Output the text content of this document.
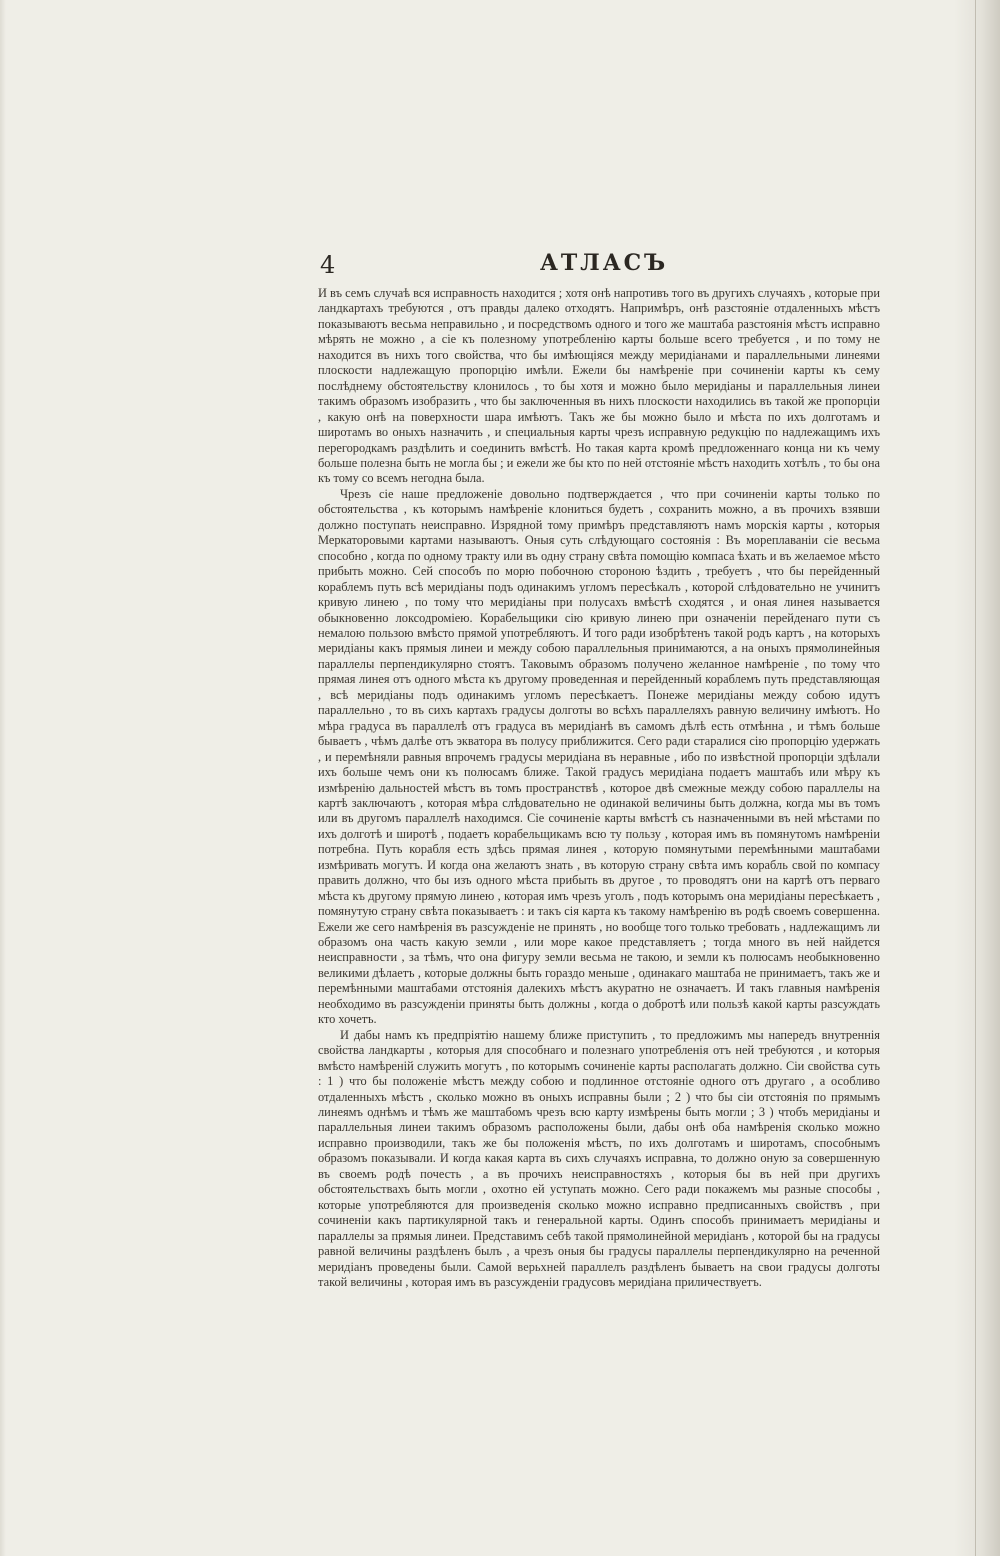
4	АТЛАСЪ

И въ семъ случаѣ вся исправность находится ; хотя онѣ напротивъ того въ другихъ случаяхъ , которые при ландкартахъ требуются , отъ правды далеко отходятъ. Напримѣръ, онѣ разстояніе отдаленныхъ мѣстъ показываютъ весьма неправильно , и посредствомъ одного и того же маштаба разстоянія мѣстъ исправно мѣрять не можно , а сіе къ полезному употребленію карты больше всего требуется , и по тому не находится въ нихъ того свойства, что бы имѣющіяся между меридіанами и параллельными линеями плоскости надлежащую пропорцію имѣли. Ежели бы намѣреніе при сочиненіи карты къ сему послѣднему обстоятельству клонилось , то бы хотя и можно было меридіаны и параллельныя линеи такимъ образомъ изобразить , что бы заключенныя въ нихъ плоскости находились въ такой же пропорціи , какую онѣ на поверхности шара имѣютъ. Такъ же бы можно было и мѣста по ихъ долготамъ и широтамъ во оныхъ назначить , и специальныя карты чрезъ исправную редукцію по надлежащимъ ихъ перегородкамъ раздѣлить и соединить вмѣстѣ. Но такая карта кромѣ предложеннаго конца ни къ чему больше полезна быть не могла бы ; и ежели же бы кто по ней отстояніе мѣстъ находить хотѣлъ , то бы она къ тому со всемъ негодна была.

Чрезъ сіе наше предложеніе довольно подтверждается , что при сочиненіи карты только по обстоятельства , къ которымъ намѣреніе клониться будетъ , сохранить можно, а въ прочихъ взявши должно поступать неисправно. Изрядной тому примѣръ представляютъ намъ морскія карты , которыя Меркаторовыми картами называютъ. Оныя суть слѣдующаго состоянія : Въ мореплаваніи сіе весьма способно , когда по одному тракту или въ одну страну свѣта помощію компаса ѣхать и въ желаемое мѣсто прибыть можно. Сей способъ по морю побочною стороною ѣздить , требуетъ , что бы перейденный кораблемъ путь всѣ меридіаны подъ одинакимъ угломъ пересѣкалъ , которой слѣдовательно не учинитъ кривую линею , по тому что меридіаны при полусахъ вмѣстѣ сходятся , и оная линея называется обыкновенно локсодроміею. Корабельщики сію кривую линею при означеніи перейденаго пути съ немалою пользою вмѣсто прямой употребляютъ. И того ради изобрѣтенъ такой родъ картъ , на которыхъ меридіаны какъ прямыя линеи и между собою параллельныя принимаются, а на оныхъ прямолинейныя параллелы перпендикулярно стоятъ. Таковымъ образомъ получено желанное намѣреніе , по тому что прямая линея отъ одного мѣста къ другому проведенная и перейденный кораблемъ путь представляющая , всѣ меридіаны подъ одинакимъ угломъ пересѣкаетъ. Понеже меридіаны между собою идутъ параллельно , то въ сихъ картахъ градусы долготы во всѣхъ параллеляхъ равную величину имѣютъ. Но мѣра градуса въ параллелѣ отъ градуса въ меридіанѣ въ самомъ дѣлѣ есть отмѣнна , и тѣмъ больше бываетъ , чѣмъ далѣе отъ экватора въ полусу приближится. Сего ради старалися сію пропорцію удержать , и перемѣняли равныя впрочемъ градусы меридіана въ неравные , ибо по извѣстной пропорціи здѣлали ихъ больше чемъ они къ полюсамъ ближе. Такой градусъ меридіана подаетъ маштабъ или мѣру къ измѣренію дальностей мѣстъ въ томъ пространствѣ , которое двѣ смежные между собою параллелы на картѣ заключаютъ , которая мѣра слѣдовательно не одинакой величины быть должна, когда мы въ томъ или въ другомъ параллелѣ находимся. Сіе сочиненіе карты вмѣстѣ съ назначенными въ ней мѣстами по ихъ долготѣ и широтѣ , подаетъ корабельщикамъ всю ту пользу , которая имъ въ помянутомъ намѣреніи потребна. Путь корабля есть здѣсь прямая линея , которую помянутыми перемѣнными маштабами измѣривать могутъ. И когда она желаютъ знать , въ которую страну свѣта имъ корабль свой по компасу править должно, что бы изъ одного мѣста прибыть въ другое , то проводятъ они на картѣ отъ перваго мѣста къ другому прямую линею , которая имъ чрезъ уголъ , подъ которымъ она меридіаны пересѣкаетъ , помянутую страну свѣта показываетъ : и такъ сія карта къ такому намѣренію въ родѣ своемъ совершенна. Ежели же сего намѣренія въ разсужденіе не принять , но вообще того только требовать , надлежащимъ ли образомъ она часть какую земли , или море какое представляетъ ; тогда много въ ней найдется неисправности , за тѣмъ, что она фигуру земли весьма не такою, и земли къ полюсамъ необыкновенно великими дѣлаетъ , которые должны быть гораздо меньше , одинакаго маштаба не принимаетъ, такъ же и перемѣнными маштабами отстоянія далекихъ мѣстъ акуратно не означаетъ. И такъ главныя намѣренія необходимо въ разсужденіи приняты быть должны , когда о добротѣ или пользѣ какой карты разсуждать кто хочетъ.

И дабы намъ къ предпріятію нашему ближе приступить , то предложимъ мы напередъ внутреннія свойства ландкарты , которыя для способнаго и полезнаго употребленія отъ ней требуются , и которыя вмѣсто намѣреній служить могутъ , по которымъ сочиненіе карты располагать должно. Сіи свойства суть : 1 ) что бы положеніе мѣстъ между собою и подлинное отстояніе одного отъ другаго , а особливо отдаленныхъ мѣстъ , сколько можно въ оныхъ исправны были ; 2 ) что бы сіи отстоянія по прямымъ линеямъ однѣмъ и тѣмъ же маштабомъ чрезъ всю карту измѣрены быть могли ; 3 ) чтобъ меридіаны и параллельныя линеи такимъ образомъ расположены были, дабы онѣ оба намѣренія сколько можно исправно производили, такъ же бы положенія мѣстъ, по ихъ долготамъ и широтамъ, способнымъ образомъ показывали. И когда какая карта въ сихъ случаяхъ исправна, то должно оную за совершенную въ своемъ родѣ почесть , а въ прочихъ неисправностяхъ , которыя бы въ ней при другихъ обстоятельствахъ быть могли , охотно ей уступать можно. Сего ради покажемъ мы разные способы , которые употребляются для произведенія сколько можно исправно предписанныхъ свойствъ , при сочиненіи какъ партикулярной такъ и генеральной карты. Одинъ способъ принимаетъ меридіаны и параллелы за прямыя линеи. Представимъ себѣ такой прямолинейной меридіанъ , которой бы на градусы равной величины раздѣленъ былъ , а чрезъ оныя бы градусы параллелы перпендикулярно на реченной меридіанъ проведены были. Самой верьхней параллелъ раздѣленъ бываетъ на свои градусы долготы такой величины , которая имъ въ разсужденіи градусовъ меридіана приличествуетъ.
